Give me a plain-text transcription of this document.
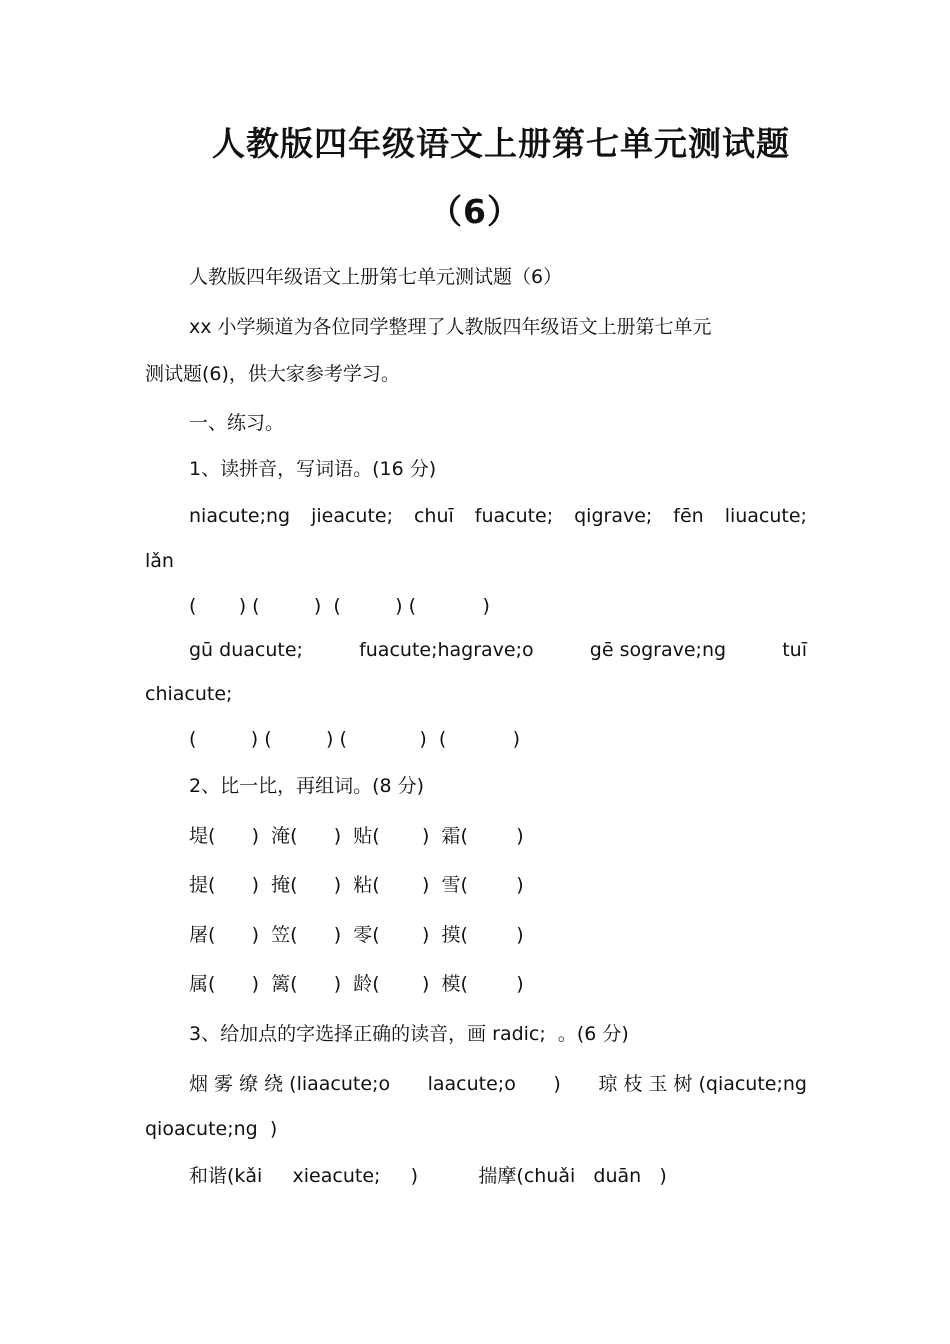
人教版四年级语文上册第七单元测试题
（6）
人教版四年级语文上册第七单元测试题（6）
xx 小学频道为各位同学整理了人教版四年级语文上册第七单元
测试题(6)，供大家参考学习。
一、练习。
1、读拼音，写词语。(16 分)
niacute;ng jieacute; chuī fuacute; qigrave; fēn liuacute;
lǎn
(       ) (         )  (         ) (           )
gū duacute;	fuacute;hagrave;o	gē sograve;ng	tuī
chiacute;
(         ) (         ) (            )  (           )
2、比一比，再组词。(8 分)
堤(      )  淹(      )  贴(       )  霜(        )
提(      )  掩(      )  粘(       )  雪(        )
屠(      )  笠(      )  零(       )  摸(        )
属(      )  篱(      )  龄(       )  模(        )
3、给加点的字选择正确的读音，画 radic;  。(6 分)
烟 雾 缭 绕 (liaacute;o laacute;o ) 琼 枝 玉 树 (qiacute;ng
qioacute;ng  )
和谐(kǎi     xieacute;     )          揣摩(chuǎi   duān   )
